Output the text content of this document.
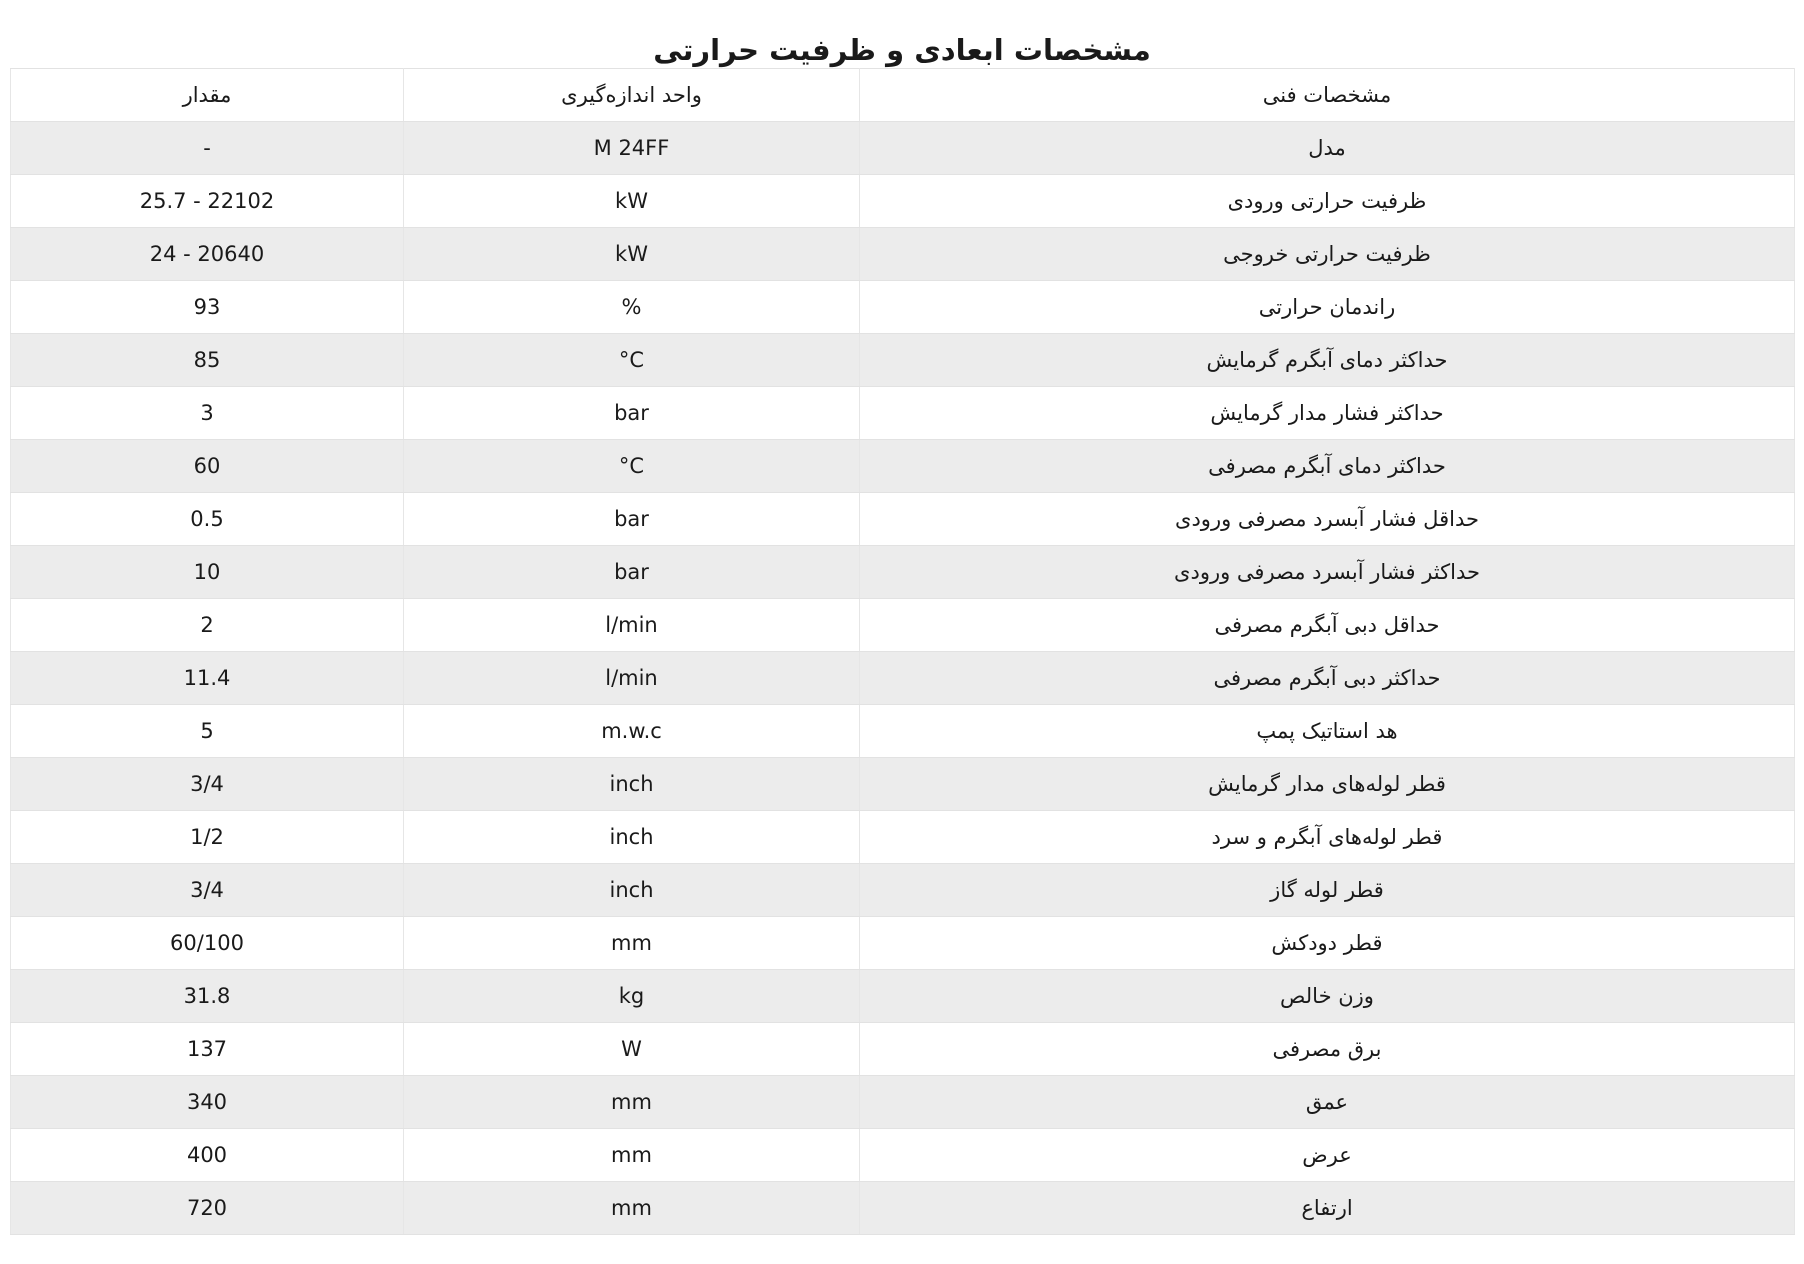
مشخصات ابعادی و ظرفیت حرارتی
مقدار	واحد اندازه‌گیری	مشخصات فنی
-	M 24FF	مدل
25.7 - 22102	kW	ظرفیت حرارتی ورودی
24 - 20640	kW	ظرفیت حرارتی خروجی
93	%	راندمان حرارتی
85	°C	حداکثر دمای آبگرم گرمایش
3	bar	حداکثر فشار مدار گرمایش
60	°C	حداکثر دمای آبگرم مصرفی
0.5	bar	حداقل فشار آبسرد مصرفی ورودی
10	bar	حداکثر فشار آبسرد مصرفی ورودی
2	l/min	حداقل دبی آبگرم مصرفی
11.4	l/min	حداکثر دبی آبگرم مصرفی
5	m.w.c	هد استاتیک پمپ
3/4	inch	قطر لوله‌های مدار گرمایش
1/2	inch	قطر لوله‌های آبگرم و سرد
3/4	inch	قطر لوله گاز
60/100	mm	قطر دودکش
31.8	kg	وزن خالص
137	W	برق مصرفی
340	mm	عمق
400	mm	عرض
720	mm	ارتفاع
